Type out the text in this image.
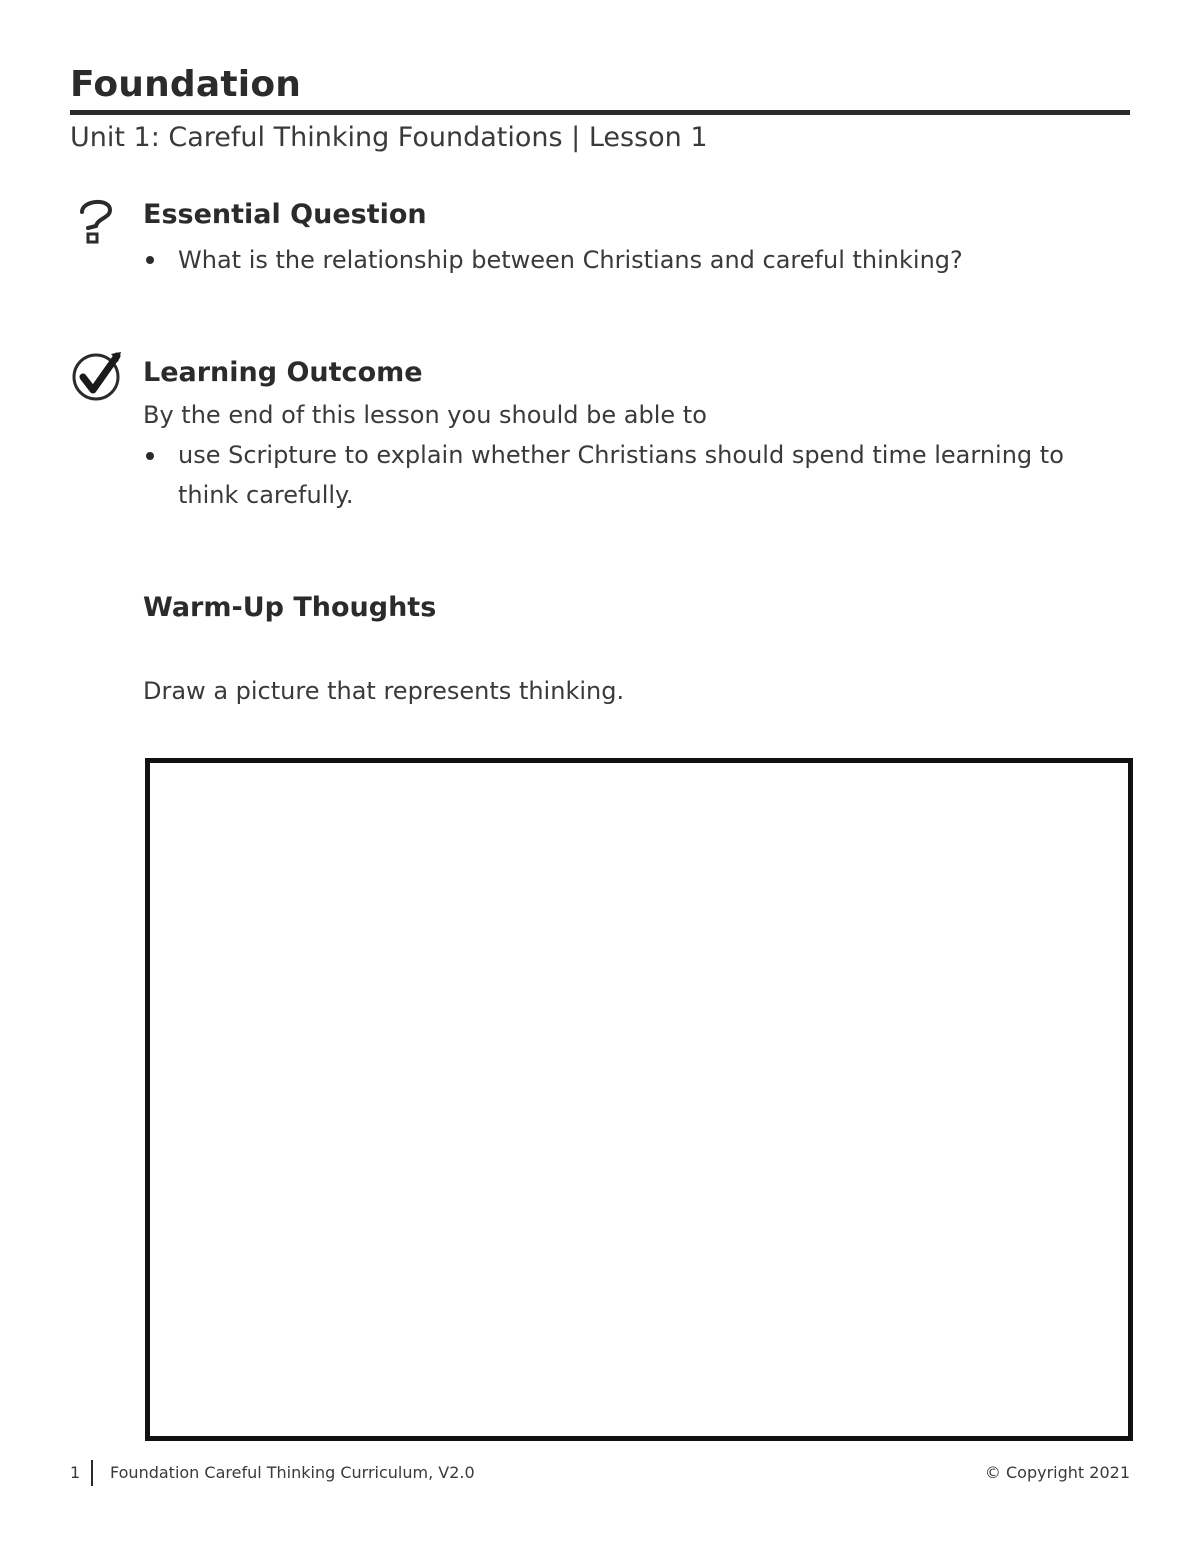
Foundation
Unit 1: Careful Thinking Foundations | Lesson 1
Essential Question
What is the relationship between Christians and careful thinking?
Learning Outcome
By the end of this lesson you should be able to
use Scripture to explain whether Christians should spend time learning to think carefully.
Warm-Up Thoughts
Draw a picture that represents thinking.
1 Foundation Careful Thinking Curriculum, V2.0	© Copyright 2021
